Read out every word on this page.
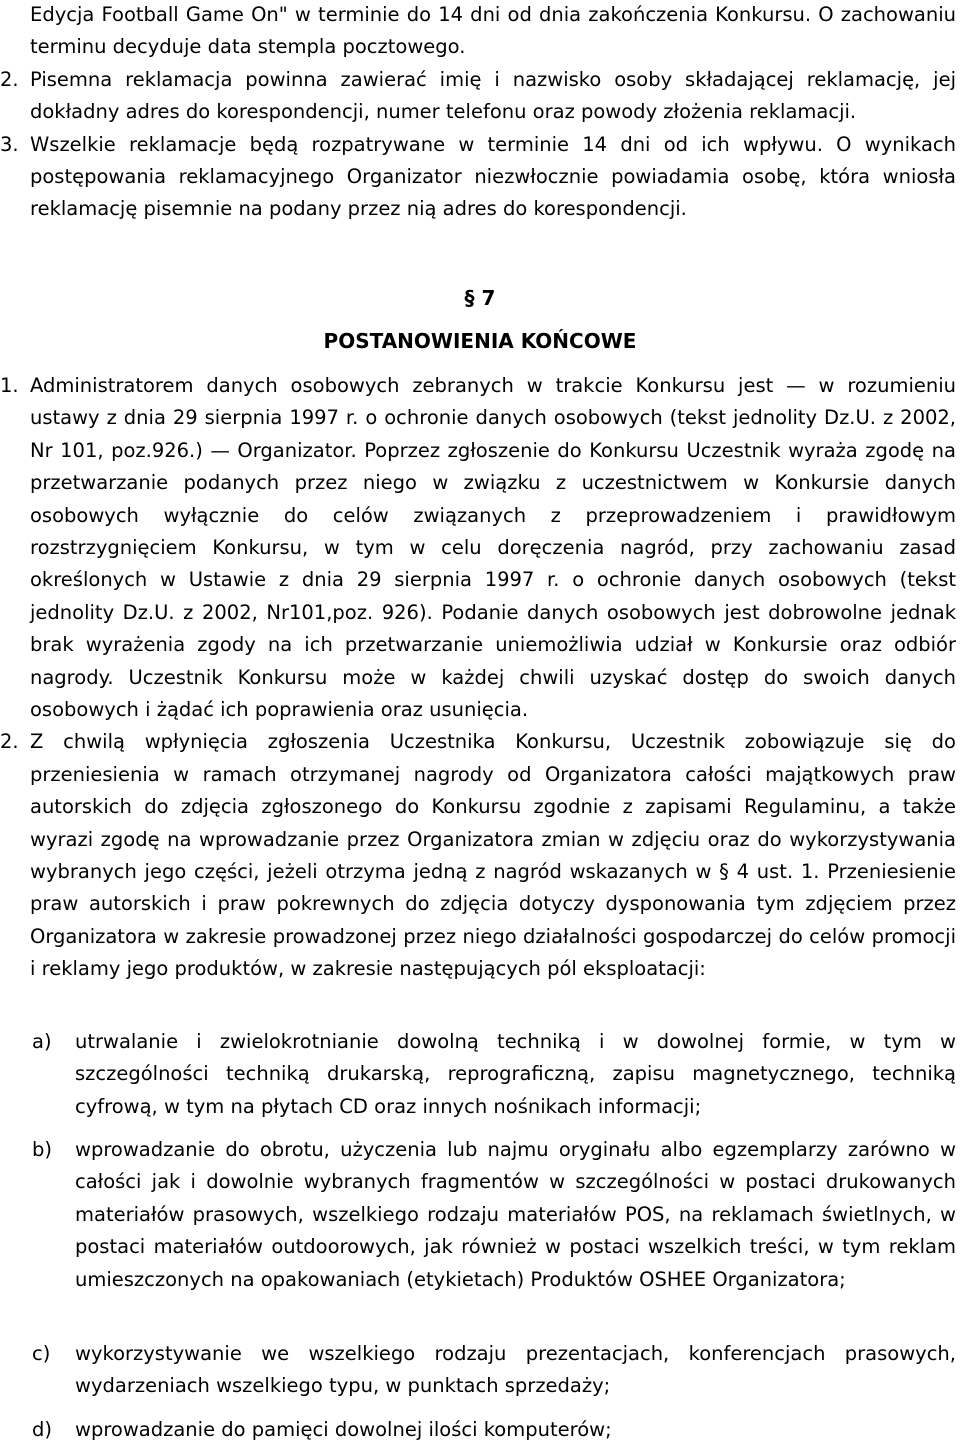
Edycja Football Game On" w terminie do 14 dni od dnia zakończenia Konkursu. O zachowaniu terminu decyduje data stempla pocztowego.

2. Pisemna reklamacja powinna zawierać imię i nazwisko osoby składającej reklamację, jej dokładny adres do korespondencji, numer telefonu oraz powody złożenia reklamacji.

3. Wszelkie reklamacje będą rozpatrywane w terminie 14 dni od ich wpływu. O wynikach postępowania reklamacyjnego Organizator niezwłocznie powiadamia osobę, która wniosła reklamację pisemnie na podany przez nią adres do korespondencji.

§ 7

POSTANOWIENIA KOŃCOWE

1. Administratorem danych osobowych zebranych w trakcie Konkursu jest — w rozumieniu ustawy z dnia 29 sierpnia 1997 r. o ochronie danych osobowych (tekst jednolity Dz.U. z 2002, Nr 101, poz.926.) — Organizator. Poprzez zgłoszenie do Konkursu Uczestnik wyraża zgodę na przetwarzanie podanych przez niego w związku z uczestnictwem w Konkursie danych osobowych wyłącznie do celów związanych z przeprowadzeniem i prawidłowym rozstrzygnięciem Konkursu, w tym w celu doręczenia nagród, przy zachowaniu zasad określonych w Ustawie z dnia 29 sierpnia 1997 r. o ochronie danych osobowych (tekst jednolity Dz.U. z 2002, Nr101,poz. 926). Podanie danych osobowych jest dobrowolne jednak brak wyrażenia zgody na ich przetwarzanie uniemożliwia udział w Konkursie oraz odbiór nagrody. Uczestnik Konkursu może w każdej chwili uzyskać dostęp do swoich danych osobowych i żądać ich poprawienia oraz usunięcia.

2. Z chwilą wpłynięcia zgłoszenia Uczestnika Konkursu, Uczestnik zobowiązuje się do przeniesienia w ramach otrzymanej nagrody od Organizatora całości majątkowych praw autorskich do zdjęcia zgłoszonego do Konkursu zgodnie z zapisami Regulaminu, a także wyrazi zgodę na wprowadzanie przez Organizatora zmian w zdjęciu oraz do wykorzystywania wybranych jego części, jeżeli otrzyma jedną z nagród wskazanych w § 4 ust. 1. Przeniesienie praw autorskich i praw pokrewnych do zdjęcia dotyczy dysponowania tym zdjęciem przez Organizatora w zakresie prowadzonej przez niego działalności gospodarczej do celów promocji i reklamy jego produktów, w zakresie następujących pól eksploatacji:

a) utrwalanie i zwielokrotnianie dowolną techniką i w dowolnej formie, w tym w szczególności techniką drukarską, reprograficzną, zapisu magnetycznego, techniką cyfrową, w tym na płytach CD oraz innych nośnikach informacji;
b) wprowadzanie do obrotu, użyczenia lub najmu oryginału albo egzemplarzy zarówno w całości jak i dowolnie wybranych fragmentów w szczególności w postaci drukowanych materiałów prasowych, wszelkiego rodzaju materiałów POS, na reklamach świetlnych, w postaci materiałów outdoorowych, jak również w postaci wszelkich treści, w tym reklam umieszczonych na opakowaniach (etykietach) Produktów OSHEE Organizatora;
c) wykorzystywanie we wszelkiego rodzaju prezentacjach, konferencjach prasowych, wydarzeniach wszelkiego typu, w punktach sprzedaży;
d) wprowadzanie do pamięci dowolnej ilości komputerów;
